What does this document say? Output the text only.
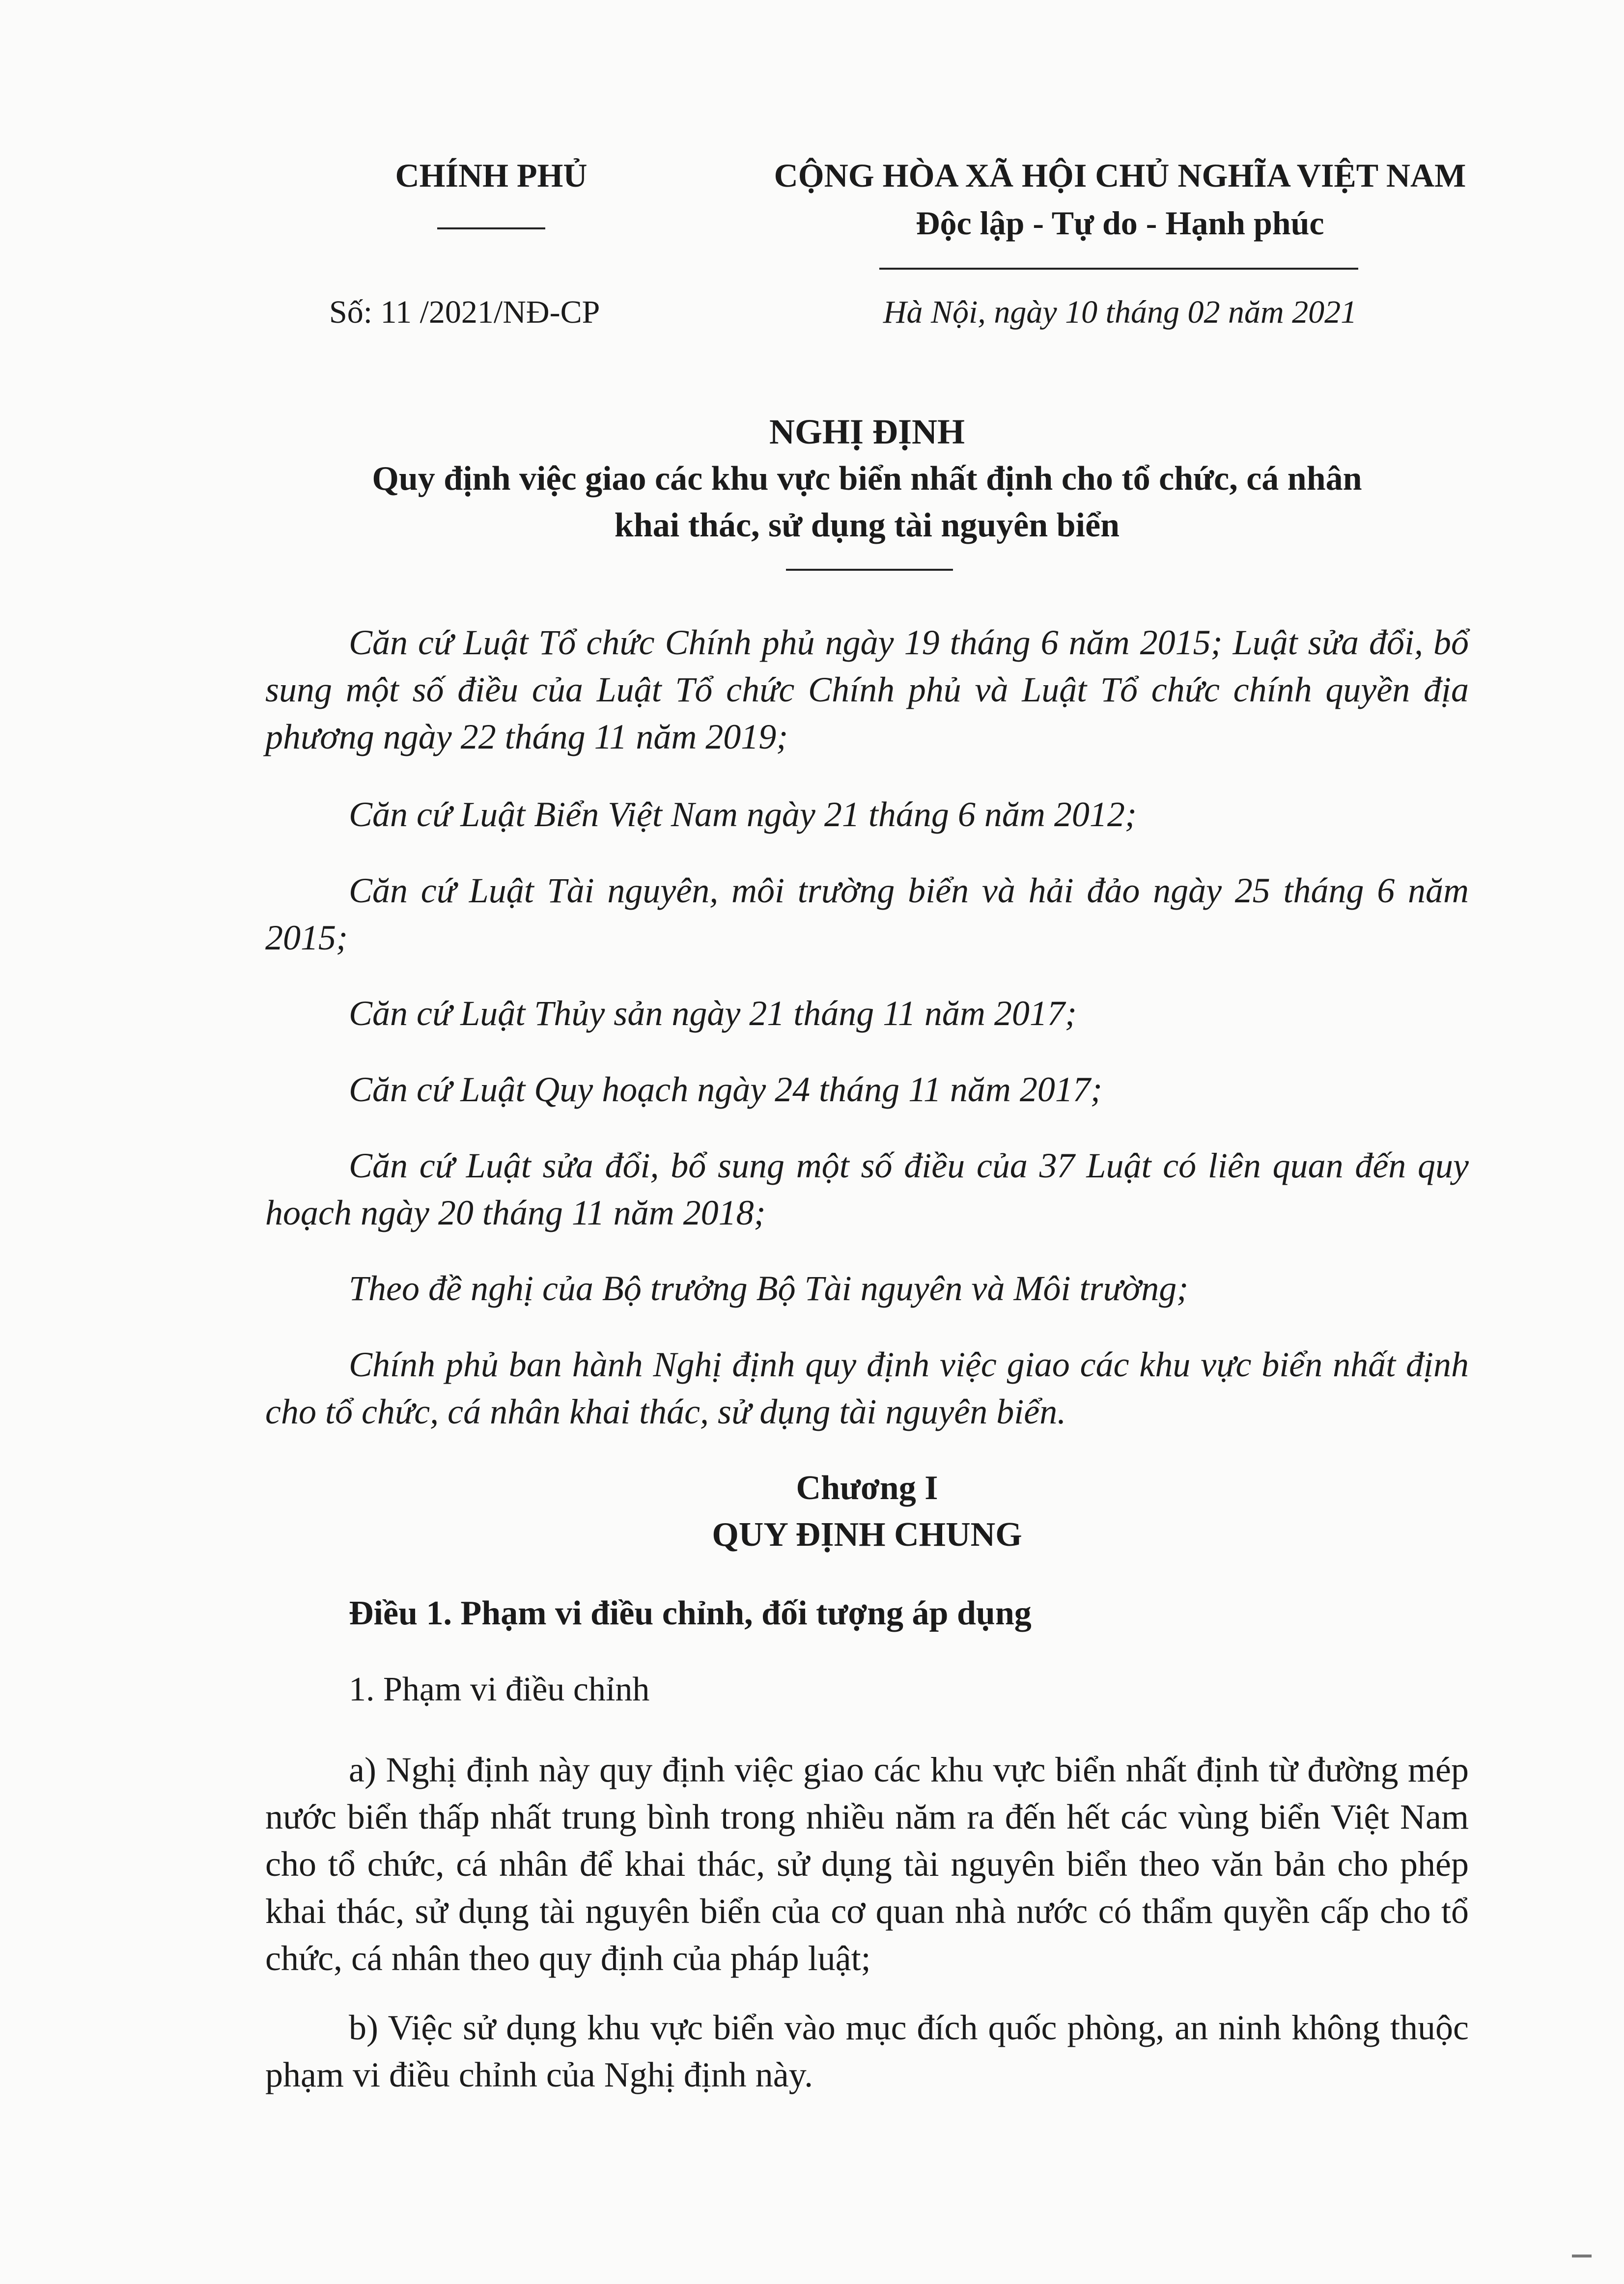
CHÍNH PHỦ	CỘNG HÒA XÃ HỘI CHỦ NGHĨA VIỆT NAM
Độc lập - Tự do - Hạnh phúc
Số: 11 /2021/NĐ-CP	Hà Nội, ngày 10 tháng 02 năm 2021
NGHỊ ĐỊNH
Quy định việc giao các khu vực biển nhất định cho tổ chức, cá nhân
khai thác, sử dụng tài nguyên biển
Căn cứ Luật Tổ chức Chính phủ ngày 19 tháng 6 năm 2015; Luật sửa đổi, bổ sung một số điều của Luật Tổ chức Chính phủ và Luật Tổ chức chính quyền địa phương ngày 22 tháng 11 năm 2019;
Căn cứ Luật Biển Việt Nam ngày 21 tháng 6 năm 2012;
Căn cứ Luật Tài nguyên, môi trường biển và hải đảo ngày 25 tháng 6 năm 2015;
Căn cứ Luật Thủy sản ngày 21 tháng 11 năm 2017;
Căn cứ Luật Quy hoạch ngày 24 tháng 11 năm 2017;
Căn cứ Luật sửa đổi, bổ sung một số điều của 37 Luật có liên quan đến quy hoạch ngày 20 tháng 11 năm 2018;
Theo đề nghị của Bộ trưởng Bộ Tài nguyên và Môi trường;
Chính phủ ban hành Nghị định quy định việc giao các khu vực biển nhất định cho tổ chức, cá nhân khai thác, sử dụng tài nguyên biển.
Chương I
QUY ĐỊNH CHUNG
Điều 1. Phạm vi điều chỉnh, đối tượng áp dụng
1. Phạm vi điều chỉnh
a) Nghị định này quy định việc giao các khu vực biển nhất định từ đường mép nước biển thấp nhất trung bình trong nhiều năm ra đến hết các vùng biển Việt Nam cho tổ chức, cá nhân để khai thác, sử dụng tài nguyên biển theo văn bản cho phép khai thác, sử dụng tài nguyên biển của cơ quan nhà nước có thẩm quyền cấp cho tổ chức, cá nhân theo quy định của pháp luật;
b) Việc sử dụng khu vực biển vào mục đích quốc phòng, an ninh không thuộc phạm vi điều chỉnh của Nghị định này.
